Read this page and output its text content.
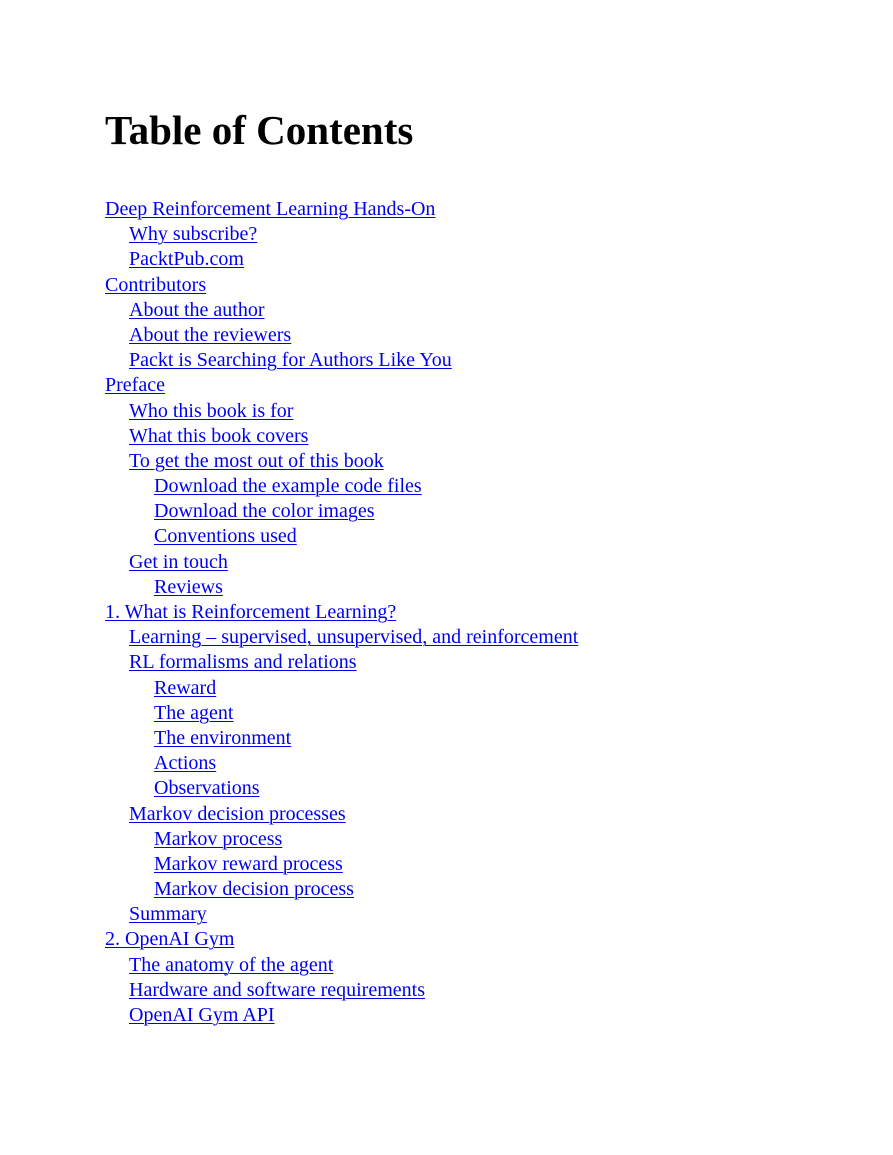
Table of Contents
Deep Reinforcement Learning Hands-On
Why subscribe?
PacktPub.com
Contributors
About the author
About the reviewers
Packt is Searching for Authors Like You
Preface
Who this book is for
What this book covers
To get the most out of this book
Download the example code files
Download the color images
Conventions used
Get in touch
Reviews
1. What is Reinforcement Learning?
Learning – supervised, unsupervised, and reinforcement
RL formalisms and relations
Reward
The agent
The environment
Actions
Observations
Markov decision processes
Markov process
Markov reward process
Markov decision process
Summary
2. OpenAI Gym
The anatomy of the agent
Hardware and software requirements
OpenAI Gym API
